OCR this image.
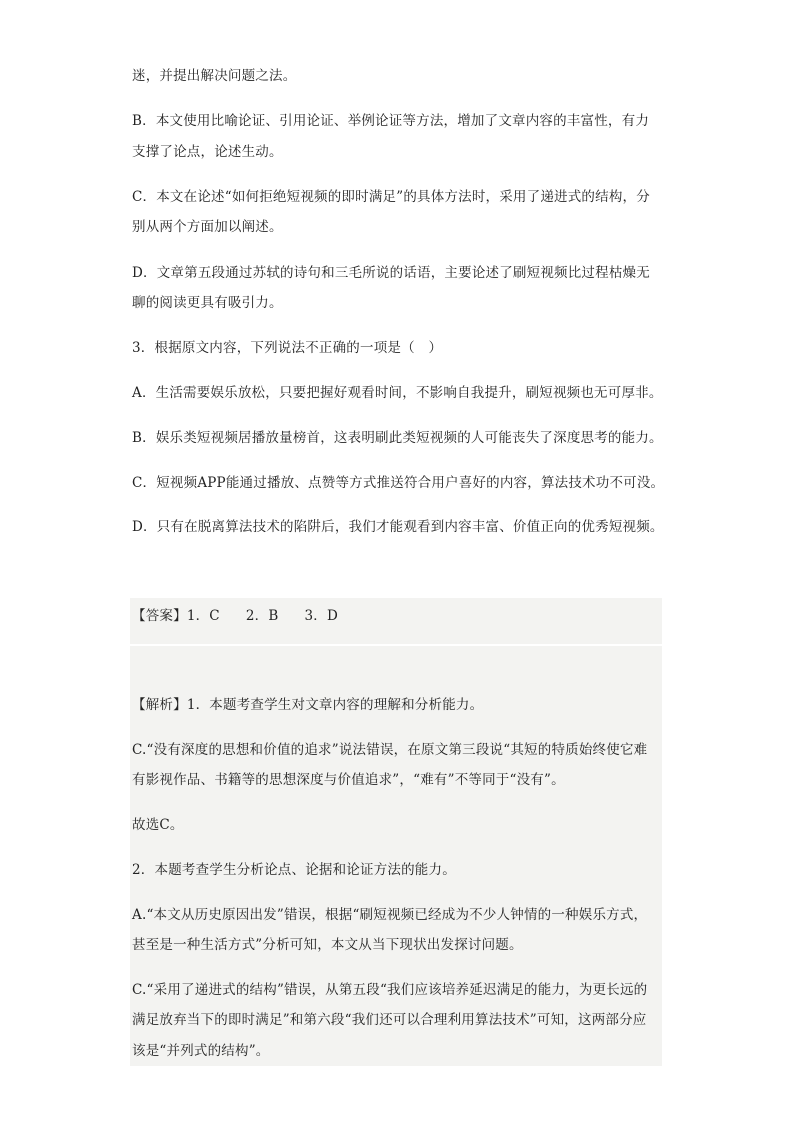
迷，并提出解决问题之法。
B．本文使用比喻论证、引用论证、举例论证等方法，增加了文章内容的丰富性，有力
支撑了论点，论述生动。
C．本文在论述“如何拒绝短视频的即时满足”的具体方法时，采用了递进式的结构，分
别从两个方面加以阐述。
D．文章第五段通过苏轼的诗句和三毛所说的话语，主要论述了刷短视频比过程枯燥无
聊的阅读更具有吸引力。
3．根据原文内容，下列说法不正确的一项是（　）
A．生活需要娱乐放松，只要把握好观看时间，不影响自我提升，刷短视频也无可厚非。
B．娱乐类短视频居播放量榜首，这表明刷此类短视频的人可能丧失了深度思考的能力。
C．短视频APP能通过播放、点赞等方式推送符合用户喜好的内容，算法技术功不可没。
D．只有在脱离算法技术的陷阱后，我们才能观看到内容丰富、价值正向的优秀短视频。
【答案】1．C 2．B 3．D
【解析】1．本题考查学生对文章内容的理解和分析能力。
C.“没有深度的思想和价值的追求”说法错误，在原文第三段说“其短的特质始终使它难
有影视作品、书籍等的思想深度与价值追求”，“难有”不等同于“没有”。
故选C。
2．本题考查学生分析论点、论据和论证方法的能力。
A.“本文从历史原因出发”错误，根据“刷短视频已经成为不少人钟情的一种娱乐方式，
甚至是一种生活方式”分析可知，本文从当下现状出发探讨问题。
C.“采用了递进式的结构”错误，从第五段“我们应该培养延迟满足的能力，为更长远的
满足放弃当下的即时满足”和第六段“我们还可以合理利用算法技术”可知，这两部分应
该是“并列式的结构”。
